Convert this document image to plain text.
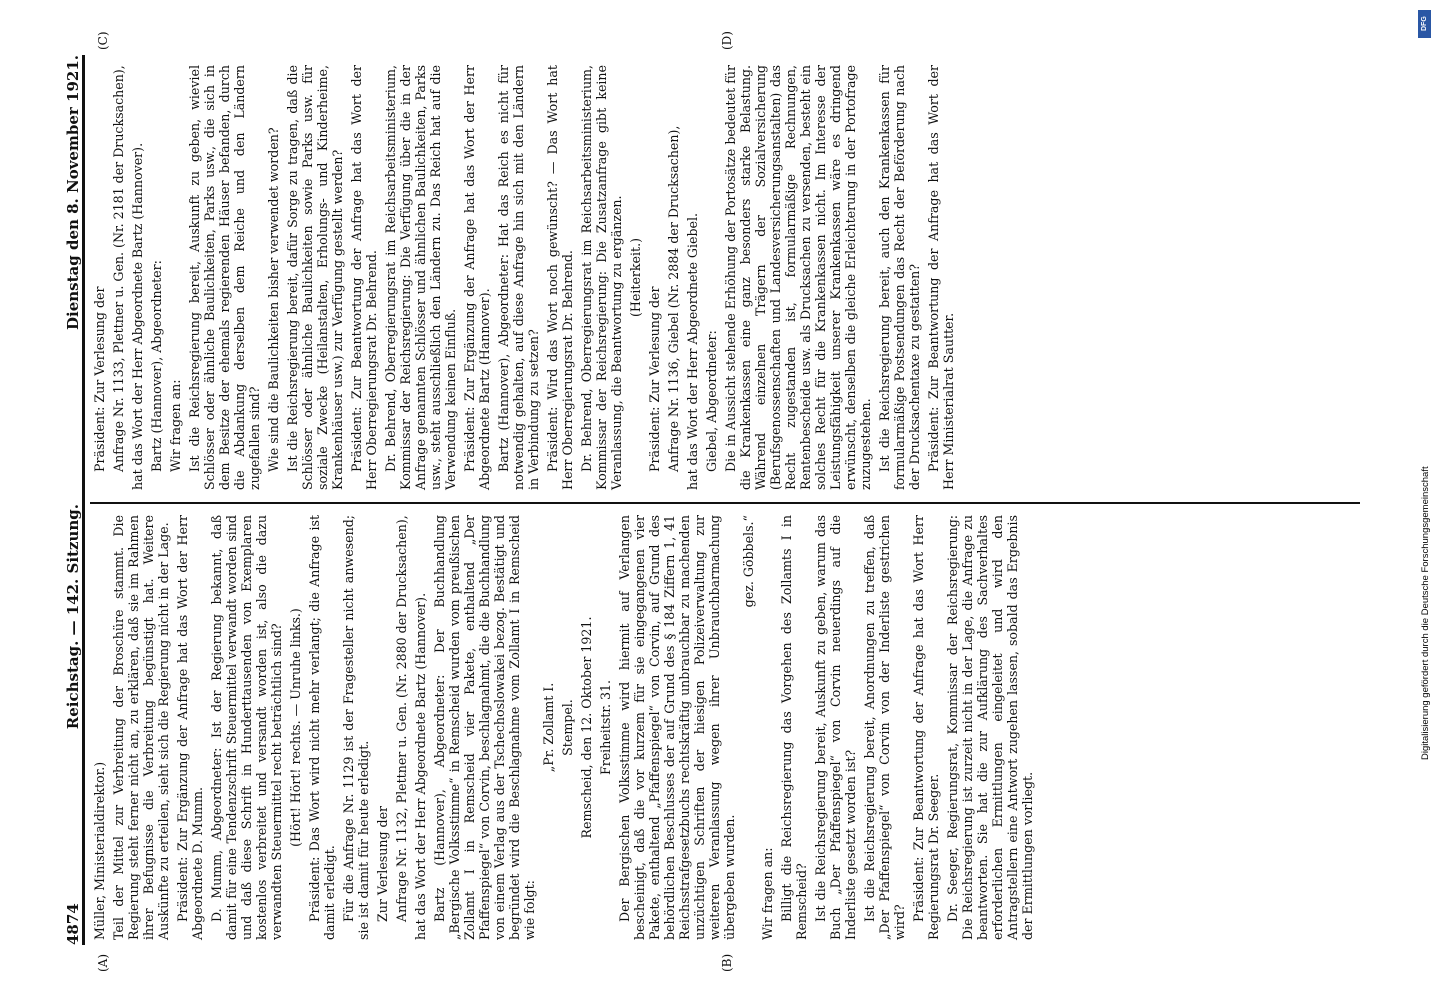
4874
Reichstag. — 142. Sitzung.
Dienstag den 8. November 1921.
(A)	(B)
(C)	(D)

Müller, Ministerialdirektor.) Teil der Mittel zur Verbreitung der Broschüre stammt. Die Regierung steht ferner nicht an, zu erklären, daß sie im Rahmen ihrer Befugnisse die Verbreitung begünstigt hat. Weitere Auskünfte zu erteilen, sieht sich die Regierung nicht in der Lage. Präsident: Zur Ergänzung der Anfrage hat das Wort der Herr Abgeordnete D. Mumm. D. Mumm, Abgeordneter: Ist der Regierung bekannt, daß damit für eine Tendenzschrift Steuermittel verwandt worden sind und daß diese Schrift in Hunderttausenden von Exemplaren kostenlos verbreitet und versandt worden ist, also die dazu verwandten Steuermittel recht beträchtlich sind? (Hört! Hört! rechts. — Unruhe links.) Präsident: Das Wort wird nicht mehr verlangt; die Anfrage ist damit erledigt. Für die Anfrage Nr. 1129 ist der Fragesteller nicht anwesend; sie ist damit für heute erledigt. Zur Verlesung der Anfrage Nr. 1132, Plettner u. Gen. (Nr. 2880 der Drucksachen), hat das Wort der Herr Abgeordnete Bartz (Hannover). Bartz (Hannover), Abgeordneter: Der Buchhandlung „Bergische Volksstimme“ in Remscheid wurden vom preußischen Zollamt I in Remscheid vier Pakete, enthaltend „Der Pfaffenspiegel“ von Corvin, beschlagnahmt, die die Buchhandlung von einem Verlag aus der Tschechoslowakei bezog. Bestätigt und begründet wird die Beschlagnahme vom Zollamt I in Remscheid wie folgt:

„Pr. Zollamt I. Stempel. Remscheid, den 12. Oktober 1921. Freiheitstr. 31. Der Bergischen Volksstimme wird hiermit auf Verlangen bescheinigt, daß die vor kurzem für sie eingegangenen vier Pakete, enthaltend „Pfaffenspiegel“ von Corvin, auf Grund des behördlichen Beschlusses der auf Grund des § 184 Ziffern 1, 41 Reichsstrafgesetzbuchs rechtskräftig unbrauchbar zu machenden unzüchtigen Schriften der hiesigen Polizeiverwaltung zur weiteren Veranlassung wegen ihrer Unbrauchbarmachung übergeben wurden.

gez. Göbbels.“

Wir fragen an: Billigt die Reichsregierung das Vorgehen des Zollamts I in Remscheid? Ist die Reichsregierung bereit, Auskunft zu geben, warum das Buch „Der Pfaffenspiegel“ von Corvin neuerdings auf die Inderliste gesetzt worden ist? Ist die Reichsregierung bereit, Anordnungen zu treffen, daß „Der Pfaffenspiegel“ von Corvin von der Inderliste gestrichen wird?

Präsident: Zur Beantwortung der Anfrage hat das Wort Herr Regierungsrat Dr. Seeger. Dr. Seeger, Regierungsrat, Kommissar der Reichsregierung: Die Reichsregierung ist zurzeit nicht in der Lage, die Anfrage zu beantworten. Sie hat die zur Aufklärung des Sachverhaltes erforderlichen Ermittlungen eingeleitet und wird den Antragstellern eine Antwort zugehen lassen, sobald das Ergebnis der Ermittlungen vorliegt.

Präsident: Zur Verlesung der Anfrage Nr. 1133, Plettner u. Gen. (Nr. 2181 der Drucksachen), hat das Wort der Herr Abgeordnete Bartz (Hannover). Bartz (Hannover), Abgeordneter: Wir fragen an: Ist die Reichsregierung bereit, Auskunft zu geben, wieviel Schlösser oder ähnliche Baulichkeiten, Parks usw., die sich in dem Besitze der ehemals regierenden Häuser befanden, durch die Abdankung derselben dem Reiche und den Ländern zugefallen sind? Wie sind die Baulichkeiten bisher verwendet worden? Ist die Reichsregierung bereit, dafür Sorge zu tragen, daß die Schlösser oder ähnliche Baulichkeiten sowie Parks usw. für soziale Zwecke (Heilanstalten, Erholungs- und Kinderheime, Krankenhäuser usw.) zur Verfügung gestellt werden? Präsident: Zur Beantwortung der Anfrage hat das Wort der Herr Oberregierungsrat Dr. Behrend. Dr. Behrend, Oberregierungsrat im Reichsarbeitsministerium, Kommissar der Reichsregierung: Die Verfügung über die in der Anfrage genannten Schlösser und ähnlichen Baulichkeiten, Parks usw., steht ausschließlich den Ländern zu. Das Reich hat auf die Verwendung keinen Einfluß. Präsident: Zur Ergänzung der Anfrage hat das Wort der Herr Abgeordnete Bartz (Hannover). Bartz (Hannover), Abgeordneter: Hat das Reich es nicht für notwendig gehalten, auf diese Anfrage hin sich mit den Ländern in Verbindung zu setzen? Präsident: Wird das Wort noch gewünscht? — Das Wort hat Herr Oberregierungsrat Dr. Behrend. Dr. Behrend, Oberregierungsrat im Reichsarbeitsministerium, Kommissar der Reichsregierung: Die Zusatzanfrage gibt keine Veranlassung, die Beantwortung zu ergänzen. (Heiterkeit.)

Präsident: Zur Verlesung der Anfrage Nr. 1136, Giebel (Nr. 2884 der Drucksachen), hat das Wort der Herr Abgeordnete Giebel. Giebel, Abgeordneter: Die in Aussicht stehende Erhöhung der Portosätze bedeutet für die Krankenkassen eine ganz besonders starke Belastung. Während einzelnen Trägern der Sozialversicherung (Berufsgenossenschaften und Landesversicherungsanstalten) das Recht zugestanden ist, formularmäßige Rechnungen, Rentenbescheide usw. als Drucksachen zu versenden, besteht ein solches Recht für die Krankenkassen nicht. Im Interesse der Leistungsfähigkeit unserer Krankenkassen wäre es dringend erwünscht, denselben die gleiche Erleichterung in der Portofrage zuzugestehen. Ist die Reichsregierung bereit, auch den Krankenkassen für formularmäßige Postsendungen das Recht der Beförderung nach der Drucksachentaxe zu gestatten? Präsident: Zur Beantwortung der Anfrage hat das Wort der Herr Ministerialrat Sautter.

DFG
Digitalisierung gefördert durch die Deutsche Forschungsgemeinschaft
